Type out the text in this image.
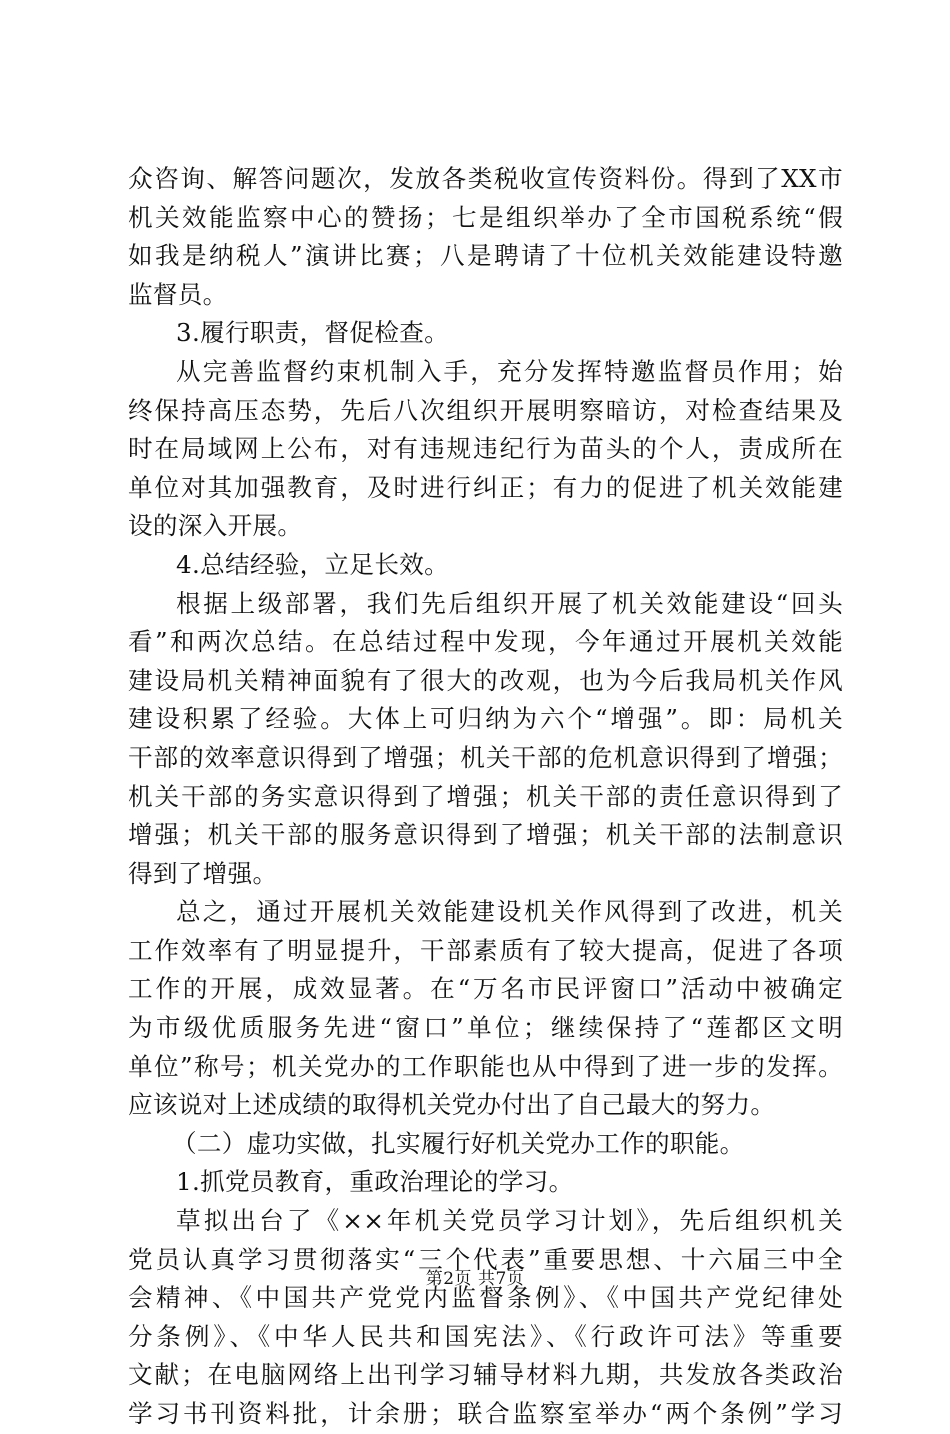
众咨询、解答问题次，发放各类税收宣传资料份。得到了XX市
机关效能监察中心的赞扬；七是组织举办了全市国税系统“假
如我是纳税人”演讲比赛；八是聘请了十位机关效能建设特邀
监督员。
3.履行职责，督促检查。
从完善监督约束机制入手，充分发挥特邀监督员作用；始
终保持高压态势，先后八次组织开展明察暗访，对检查结果及
时在局域网上公布，对有违规违纪行为苗头的个人，责成所在
单位对其加强教育，及时进行纠正；有力的促进了机关效能建
设的深入开展。
4.总结经验，立足长效。
根据上级部署，我们先后组织开展了机关效能建设“回头
看”和两次总结。在总结过程中发现，今年通过开展机关效能
建设局机关精神面貌有了很大的改观，也为今后我局机关作风
建设积累了经验。大体上可归纳为六个“增强”。即：局机关
干部的效率意识得到了增强；机关干部的危机意识得到了增强；
机关干部的务实意识得到了增强；机关干部的责任意识得到了
增强；机关干部的服务意识得到了增强；机关干部的法制意识
得到了增强。
总之，通过开展机关效能建设机关作风得到了改进，机关
工作效率有了明显提升，干部素质有了较大提高，促进了各项
工作的开展，成效显著。在“万名市民评窗口”活动中被确定
为市级优质服务先进“窗口”单位；继续保持了“莲都区文明
单位”称号；机关党办的工作职能也从中得到了进一步的发挥。
应该说对上述成绩的取得机关党办付出了自己最大的努力。
（二）虚功实做，扎实履行好机关党办工作的职能。
1.抓党员教育，重政治理论的学习。
草拟出台了《××年机关党员学习计划》，先后组织机关
党员认真学习贯彻落实“三个代表”重要思想、十六届三中全
会精神、《中国共产党党内监督条例》、《中国共产党纪律处
分条例》、《中华人民共和国宪法》、《行政许可法》等重要
文献；在电脑网络上出刊学习辅导材料九期，共发放各类政治
学习书刊资料批，计余册；联合监察室举办“两个条例”学习
第2页 共7页
